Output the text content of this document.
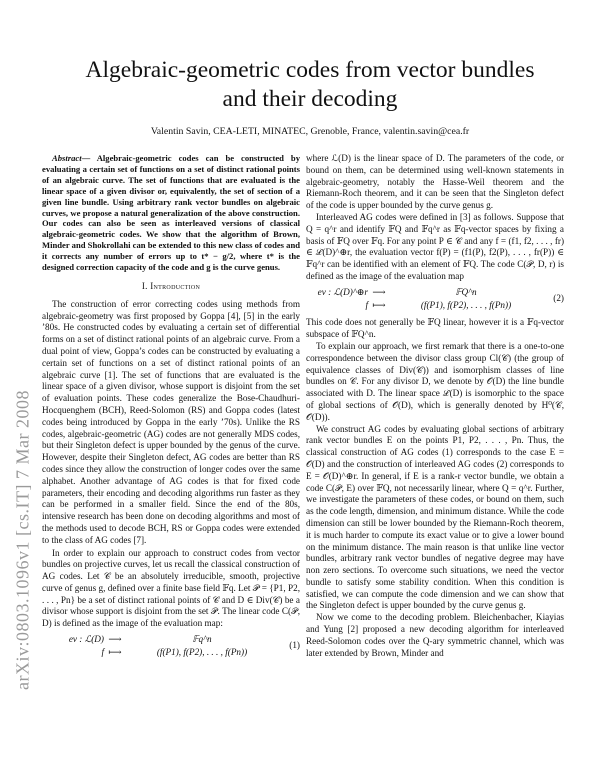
arXiv:0803.1096v1 [cs.IT] 7 Mar 2008
Algebraic-geometric codes from vector bundles
and their decoding
Valentin Savin, CEA-LETI, MINATEC, Grenoble, France, valentin.savin@cea.fr

Abstract— Algebraic-geometric codes can be constructed by evaluating a certain set of functions on a set of distinct rational points of an algebraic curve. The set of functions that are evaluated is the linear space of a given divisor or, equivalently, the set of section of a given line bundle. Using arbitrary rank vector bundles on algebraic curves, we propose a natural generalization of the above construction. Our codes can also be seen as interleaved versions of classical algebraic-geometric codes. We show that the algorithm of Brown, Minder and Shokrollahi can be extended to this new class of codes and it corrects any number of errors up to t* − g/2, where t* is the designed correction capacity of the code and g is the curve genus.

I. Introduction

The construction of error correcting codes using methods from algebraic-geometry was first proposed by Goppa [4], [5] in the early ’80s. He constructed codes by evaluating a certain set of differential forms on a set of distinct rational points of an algebraic curve. From a dual point of view, Goppa’s codes can be constructed by evaluating a certain set of functions on a set of distinct rational points of an algebraic curve [1]. The set of functions that are evaluated is the linear space of a given divisor, whose support is disjoint from the set of evaluation points. These codes generalize the Bose-Chaudhuri-Hocquenghem (BCH), Reed-Solomon (RS) and Goppa codes (latest codes being introduced by Goppa in the early ’70s). Unlike the RS codes, algebraic-geometric (AG) codes are not generally MDS codes, but their Singleton defect is upper bounded by the genus of the curve. However, despite their Singleton defect, AG codes are better than RS codes since they allow the construction of longer codes over the same alphabet. Another advantage of AG codes is that for fixed code parameters, their encoding and decoding algorithms run faster as they can be performed in a smaller field. Since the end of the 80s, intensive research has been done on decoding algorithms and most of the methods used to decode BCH, RS or Goppa codes were extended to the class of AG codes [7].

In order to explain our approach to construct codes from vector bundles on projective curves, let us recall the classical construction of AG codes. Let 𝒞 be an absolutely irreducible, smooth, projective curve of genus g, defined over a finite base field 𝔽q. Let 𝒫 = {P1, P2, . . . , Pn} be a set of distinct rational points of 𝒞 and D ∈ Div(𝒞) be a divisor whose support is disjoint from the set 𝒫. The linear code C(𝒫, D) is defined as the image of the evaluation map:

ev : ℒ(D) ⟶	𝔽q^n
f ⟼	(f(P1), f(P2), . . . , f(Pn))
(1)

where ℒ(D) is the linear space of D. The parameters of the code, or bound on them, can be determined using well-known statements in algebraic-geometry, notably the Hasse-Weil theorem and the Riemann-Roch theorem, and it can be seen that the Singleton defect of the code is upper bounded by the curve genus g.

Interleaved AG codes were defined in [3] as follows. Suppose that Q = q^r and identify 𝔽Q and 𝔽q^r as 𝔽q-vector spaces by fixing a basis of 𝔽Q over 𝔽q. For any point P ∈ 𝒞 and any f = (f1, f2, . . . , fr) ∈ ℒ(D)^⊕r, the evaluation vector f(P) = (f1(P), f2(P), . . . , fr(P)) ∈ 𝔽q^r can be identified with an element of 𝔽Q. The code C(𝒫, D, r) is defined as the image of the evaluation map

ev : ℒ(D)^⊕r ⟶	𝔽Q^n
f ⟼	(f(P1), f(P2), . . . , f(Pn))
(2)

This code does not generally be 𝔽Q linear, however it is a 𝔽q-vector subspace of 𝔽Q^n.

To explain our approach, we first remark that there is a one-to-one correspondence between the divisor class group Cl(𝒞) (the group of equivalence classes of Div(𝒞)) and isomorphism classes of line bundles on 𝒞. For any divisor D, we denote by 𝒪(D) the line bundle associated with D. The linear space ℒ(D) is isomorphic to the space of global sections of 𝒪(D), which is generally denoted by H⁰(𝒞, 𝒪(D)).

We construct AG codes by evaluating global sections of arbitrary rank vector bundles E on the points P1, P2, . . . , Pn. Thus, the classical construction of AG codes (1) corresponds to the case E = 𝒪(D) and the construction of interleaved AG codes (2) corresponds to E = 𝒪(D)^⊕r. In general, if E is a rank-r vector bundle, we obtain a code C(𝒫, E) over 𝔽Q, not necessarily linear, where Q = q^r. Further, we investigate the parameters of these codes, or bound on them, such as the code length, dimension, and minimum distance. While the code dimension can still be lower bounded by the Riemann-Roch theorem, it is much harder to compute its exact value or to give a lower bound on the minimum distance. The main reason is that unlike line vector bundles, arbitrary rank vector bundles of negative degree may have non zero sections. To overcome such situations, we need the vector bundle to satisfy some stability condition. When this condition is satisfied, we can compute the code dimension and we can show that the Singleton defect is upper bounded by the curve genus g.

Now we come to the decoding problem. Bleichenbacher, Kiayias and Yung [2] proposed a new decoding algorithm for interleaved Reed-Solomon codes over the Q-ary symmetric channel, which was later extended by Brown, Minder and
